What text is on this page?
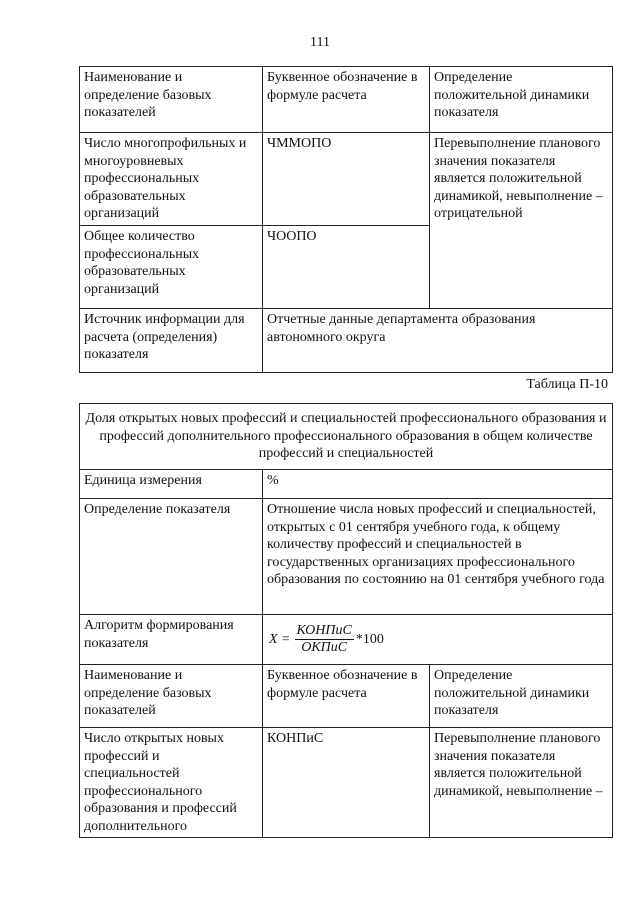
111
Наименование и определение базовых показателей	Буквенное обозначение в формуле расчета	Определение положительной динамики показателя
Число многопрофильных и многоуровневых профессиональных образовательных организаций	ЧММОПО	Перевыполнение планового значения показателя является положительной динамикой, невыполнение – отрицательной
Общее количество профессиональных образовательных организаций	ЧООПО	
Источник информации для расчета (определения) показателя	Отчетные данные департамента образования автономного округа	
Таблица П-10
Доля открытых новых профессий и специальностей профессионального образования и профессий дополнительного профессионального образования в общем количестве профессий и специальностей		
Единица измерения	%	
Определение показателя	Отношение числа новых профессий и специальностей, открытых с 01 сентября учебного года, к общему количеству профессий и специальностей в государственных организациях профессионального образования по состоянию на 01 сентября учебного года	
Алгоритм формирования показателя	$X = \frac{\text{КОНПиС}}{\text{ОКПиС}} *100$	

Наименование и определение базовых показателей	Буквенное обозначение в формуле расчета	Определение положительной динамики показателя
Число открытых новых профессий и специальностей профессионального образования и профессий дополнительного	КОНПиС	Перевыполнение планового значения показателя является положительной динамикой, невыполнение –
